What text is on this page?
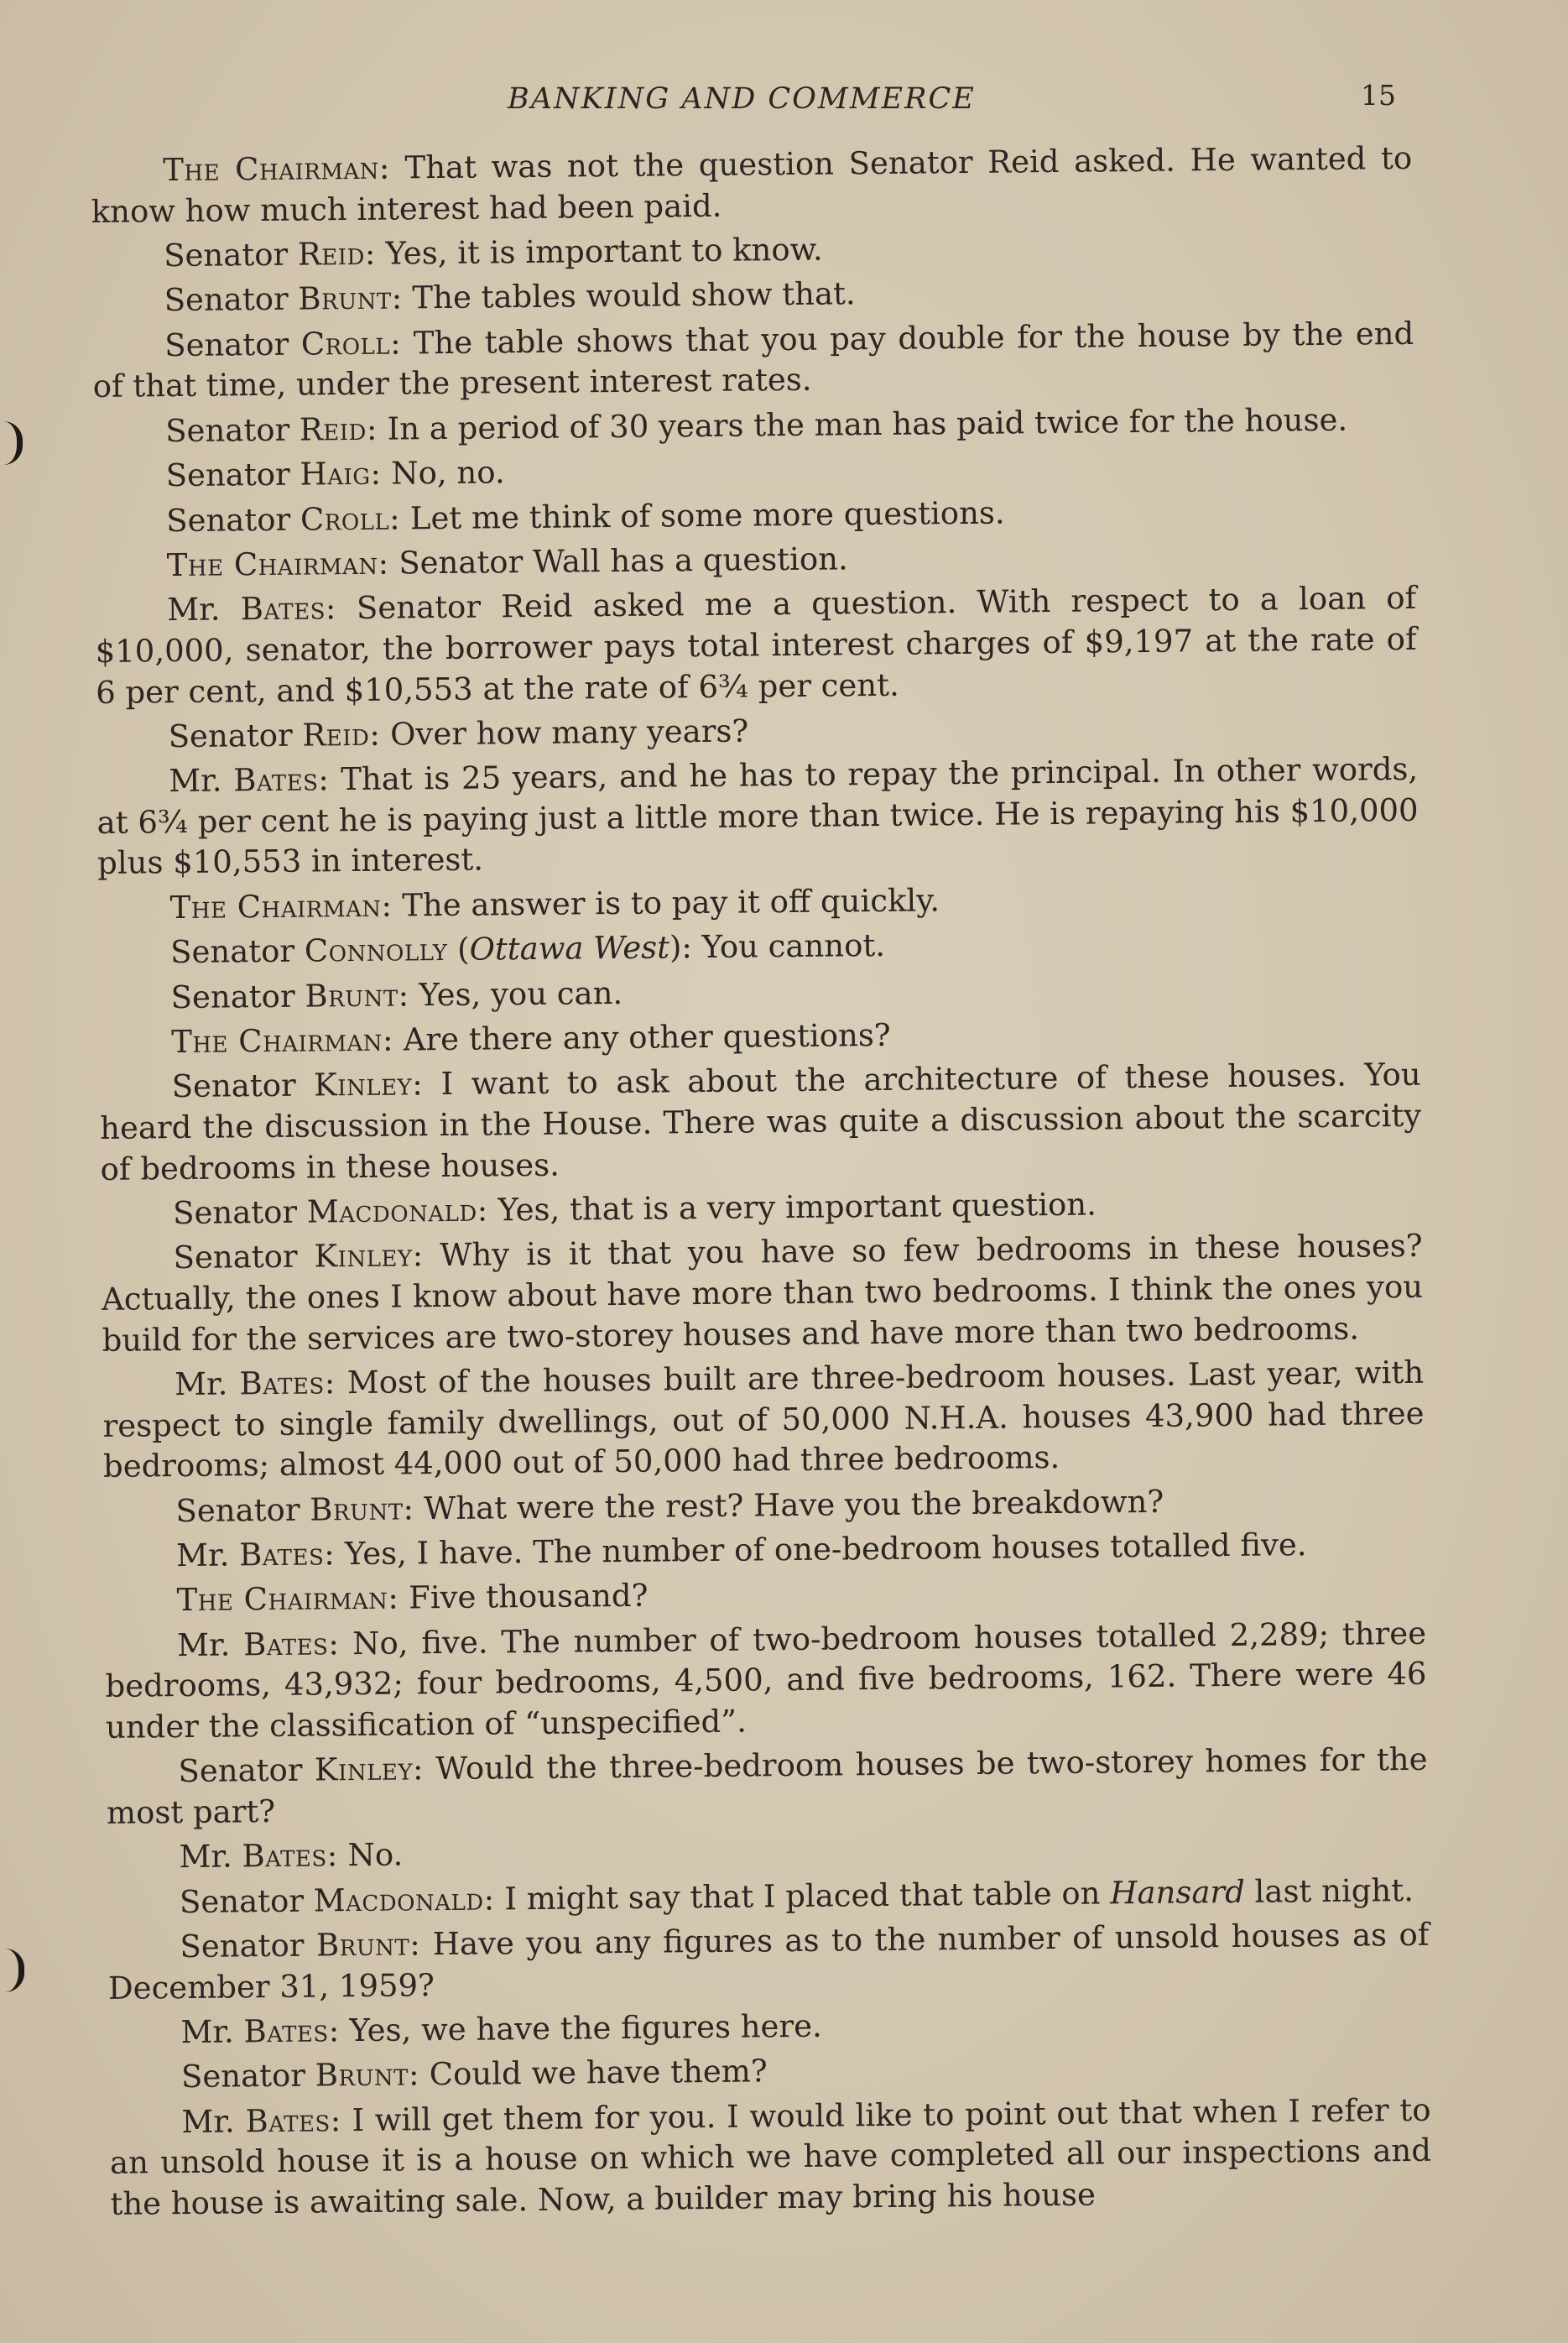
BANKING AND COMMERCE	15

The Chairman: That was not the question Senator Reid asked. He wanted to know how much interest had been paid.

Senator Reid: Yes, it is important to know.

Senator Brunt: The tables would show that.

Senator Croll: The table shows that you pay double for the house by the end of that time, under the present interest rates.

Senator Reid: In a period of 30 years the man has paid twice for the house.

Senator Haig: No, no.

Senator Croll: Let me think of some more questions.

The Chairman: Senator Wall has a question.

Mr. Bates: Senator Reid asked me a question. With respect to a loan of $10,000, senator, the borrower pays total interest charges of $9,197 at the rate of 6 per cent, and $10,553 at the rate of 6¾ per cent.

Senator Reid: Over how many years?

Mr. Bates: That is 25 years, and he has to repay the principal. In other words, at 6¾ per cent he is paying just a little more than twice. He is repaying his $10,000 plus $10,553 in interest.

The Chairman: The answer is to pay it off quickly.

Senator Connolly (Ottawa West): You cannot.

Senator Brunt: Yes, you can.

The Chairman: Are there any other questions?

Senator Kinley: I want to ask about the architecture of these houses. You heard the discussion in the House. There was quite a discussion about the scarcity of bedrooms in these houses.

Senator Macdonald: Yes, that is a very important question.

Senator Kinley: Why is it that you have so few bedrooms in these houses? Actually, the ones I know about have more than two bedrooms. I think the ones you build for the services are two-storey houses and have more than two bedrooms.

Mr. Bates: Most of the houses built are three-bedroom houses. Last year, with respect to single family dwellings, out of 50,000 N.H.A. houses 43,900 had three bedrooms; almost 44,000 out of 50,000 had three bedrooms.

Senator Brunt: What were the rest? Have you the breakdown?

Mr. Bates: Yes, I have. The number of one-bedroom houses totalled five.

The Chairman: Five thousand?

Mr. Bates: No, five. The number of two-bedroom houses totalled 2,289; three bedrooms, 43,932; four bedrooms, 4,500, and five bedrooms, 162. There were 46 under the classification of “unspecified”.

Senator Kinley: Would the three-bedroom houses be two-storey homes for the most part?

Mr. Bates: No.

Senator Macdonald: I might say that I placed that table on Hansard last night.

Senator Brunt: Have you any figures as to the number of unsold houses as of December 31, 1959?

Mr. Bates: Yes, we have the figures here.

Senator Brunt: Could we have them?

Mr. Bates: I will get them for you. I would like to point out that when I refer to an unsold house it is a house on which we have completed all our inspections and the house is awaiting sale. Now, a builder may bring his house
